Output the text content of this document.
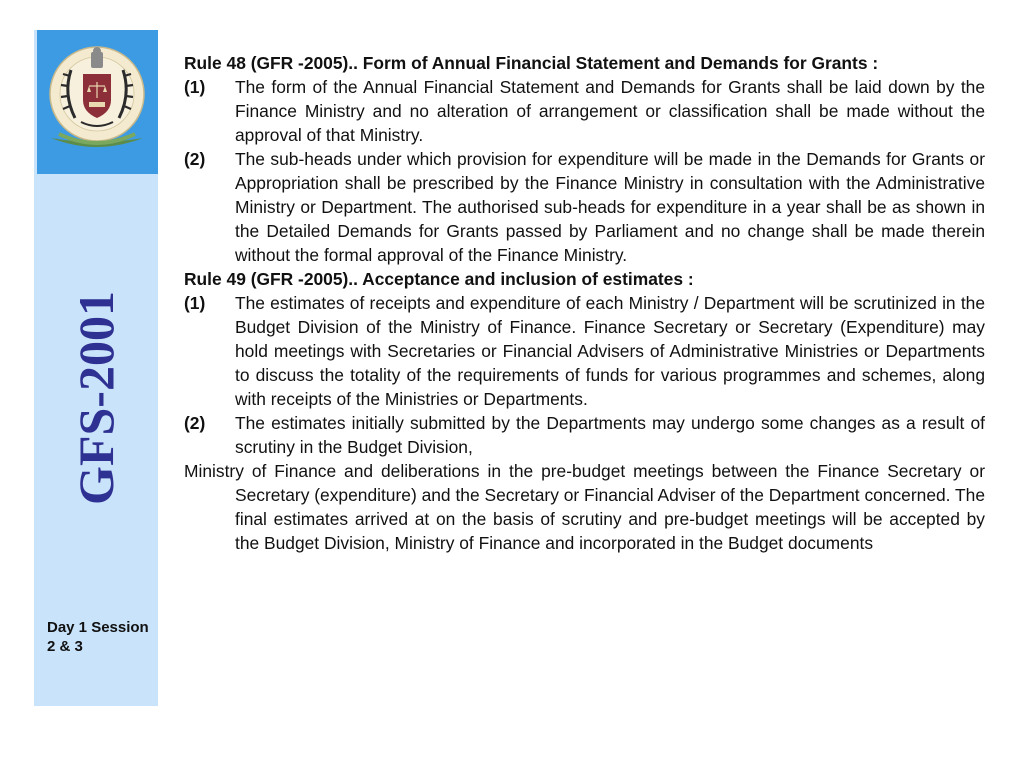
GFS-2001
Day 1 Session 2 & 3

Rule 48 (GFR -2005).. Form of Annual Financial Statement and Demands for Grants :

(1) The form of the Annual Financial Statement and Demands for Grants shall be laid down by the Finance Ministry and no alteration of arrangement or classification shall be made without the approval of that Ministry.

(2) The sub-heads under which provision for expenditure will be made in the Demands for Grants or Appropriation shall be prescribed by the Finance Ministry in consultation with the Administrative Ministry or Department. The authorised sub-heads for expenditure in a year shall be as shown in the Detailed Demands for Grants passed by Parliament and no change shall be made therein without the formal approval of the Finance Ministry.

Rule 49 (GFR -2005).. Acceptance and inclusion of estimates :

(1) The estimates of receipts and expenditure of each Ministry / Department will be scrutinized in the Budget Division of the Ministry of Finance. Finance Secretary or Secretary (Expenditure) may hold meetings with Secretaries or Financial Advisers of Administrative Ministries or Departments to discuss the totality of the requirements of funds for various programmes and schemes, along with receipts of the Ministries or Departments.

(2) The estimates initially submitted by the Departments may undergo some changes as a result of scrutiny in the Budget Division,

Ministry of Finance and deliberations in the pre-budget meetings between the Finance Secretary or Secretary (expenditure) and the Secretary or Financial Adviser of the Department concerned. The final estimates arrived at on the basis of scrutiny and pre-budget meetings will be accepted by the Budget Division, Ministry of Finance and incorporated in the Budget documents
